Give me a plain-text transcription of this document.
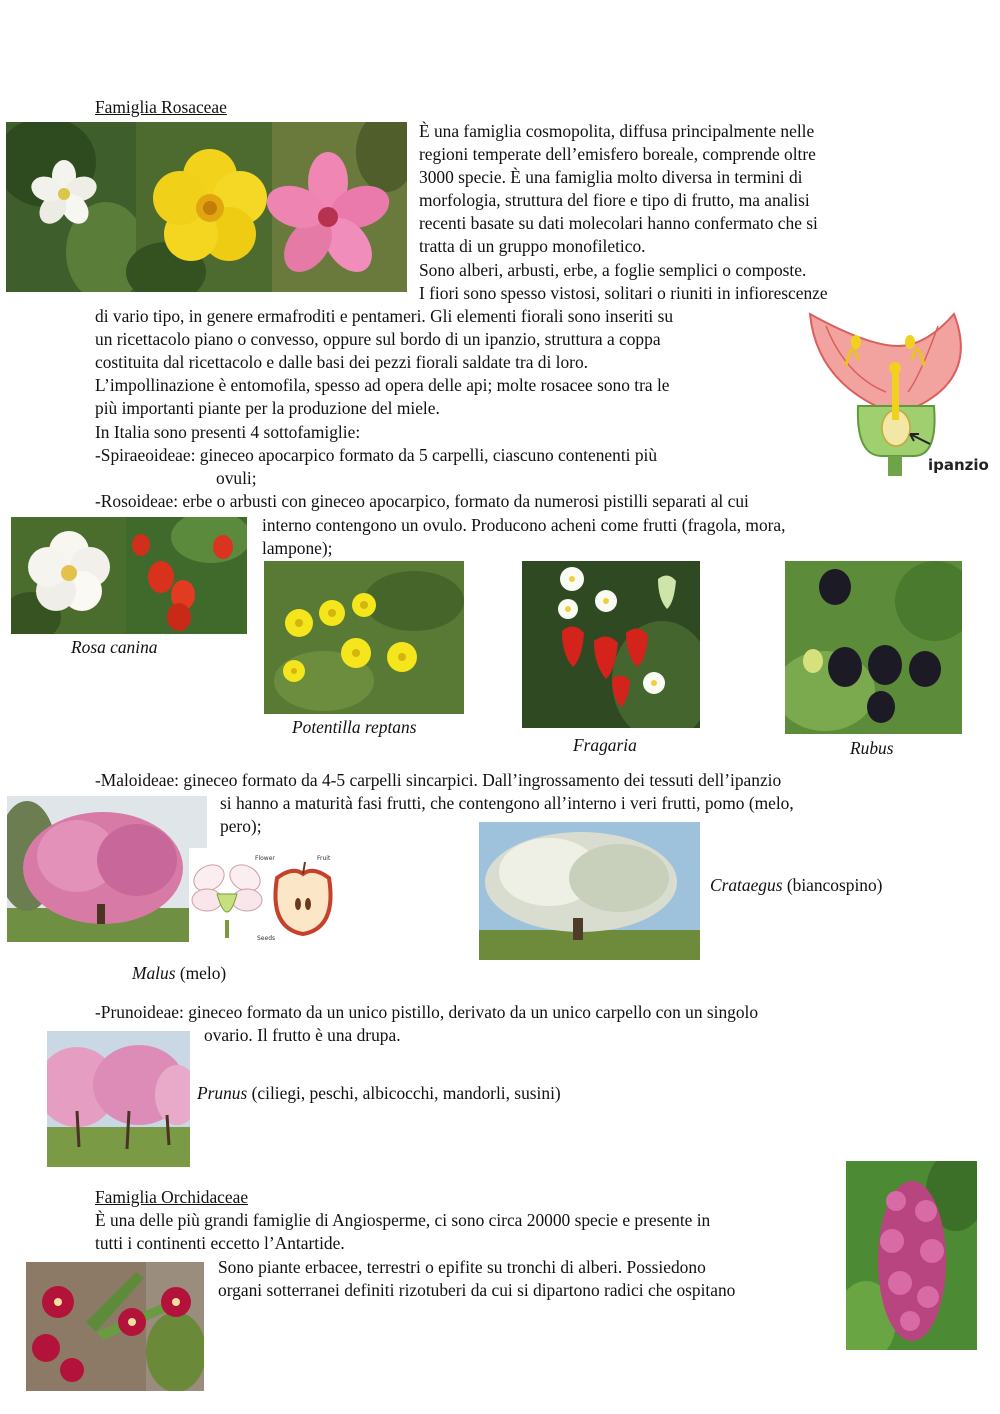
Famiglia Rosaceae
È una famiglia cosmopolita, diffusa principalmente nelle
regioni temperate dell’emisfero boreale, comprende oltre
3000 specie. È una famiglia molto diversa in termini di
morfologia, struttura del fiore e tipo di frutto, ma analisi
recenti basate su dati molecolari hanno confermato che si
tratta di un gruppo monofiletico.
Sono alberi, arbusti, erbe, a foglie semplici o composte.
I fiori sono spesso vistosi, solitari o riuniti in infiorescenze
di vario tipo, in genere ermafroditi e pentameri. Gli elementi fiorali sono inseriti su
un ricettacolo piano o convesso, oppure sul bordo di un ipanzio, struttura a coppa
costituita dal ricettacolo e dalle basi dei pezzi fiorali saldate tra di loro.
L’impollinazione è entomofila, spesso ad opera delle api; molte rosacee sono tra le
più importanti piante per la produzione del miele.
In Italia sono presenti 4 sottofamiglie:
-Spiraeoideae: gineceo apocarpico formato da 5 carpelli, ciascuno contenenti più
ovuli;
-Rosoideae: erbe o arbusti con gineceo apocarpico, formato da numerosi pistilli separati al cui
interno contengono un ovulo. Producono acheni come frutti (fragola, mora,
lampone);
ipanzio
Rosa canina
Potentilla reptans
Fragaria	Rubus
-Maloideae: gineceo formato da 4-5 carpelli sincarpici. Dall’ingrossamento dei tessuti dell’ipanzio
si hanno a maturità fasi frutti, che contengono all’interno i veri frutti, pomo (melo,
pero);
Flower	Fruit
Seeds
Malus (melo)
Crataegus (biancospino)
-Prunoideae: gineceo formato da un unico pistillo, derivato da un unico carpello con un singolo
ovario. Il frutto è una drupa.
Prunus (ciliegi, peschi, albicocchi, mandorli, susini)
Famiglia Orchidaceae
È una delle più grandi famiglie di Angiosperme, ci sono circa 20000 specie e presente in
tutti i continenti eccetto l’Antartide.
Sono piante erbacee, terrestri o epifite su tronchi di alberi. Possiedono
organi sotterranei definiti rizotuberi da cui si dipartono radici che ospitano
